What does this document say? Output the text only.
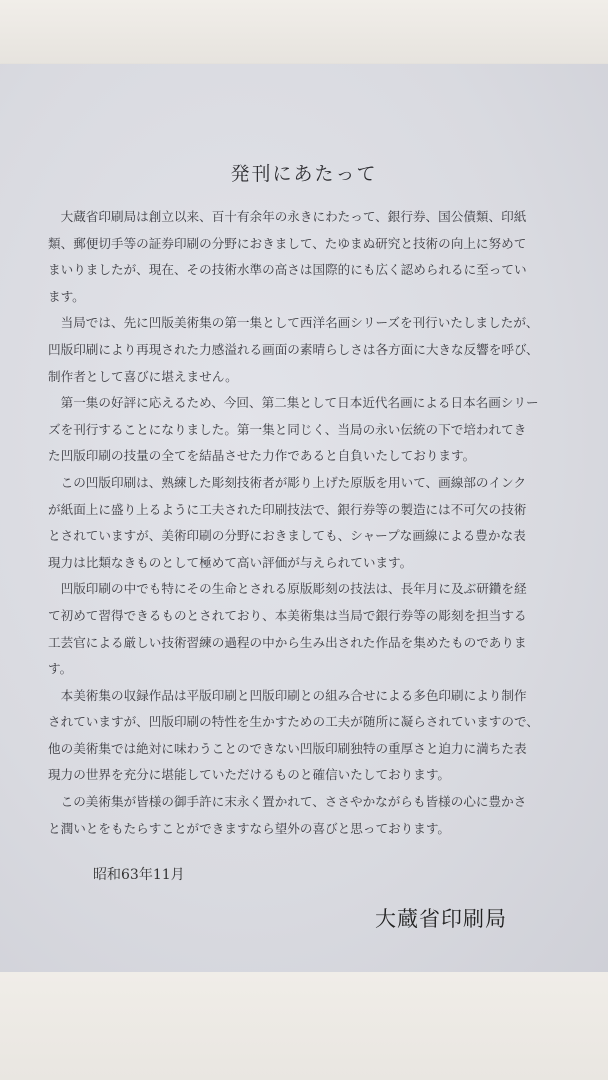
発刊にあたって
　大蔵省印刷局は創立以来、百十有余年の永きにわたって、銀行券、国公債類、印紙
類、郵便切手等の証券印刷の分野におきまして、たゆまぬ研究と技術の向上に努めて
まいりましたが、現在、その技術水準の高さは国際的にも広く認められるに至ってい
ます。
　当局では、先に凹版美術集の第一集として西洋名画シリーズを刊行いたしましたが、
凹版印刷により再現された力感溢れる画面の素晴らしさは各方面に大きな反響を呼び、
制作者として喜びに堪えません。
　第一集の好評に応えるため、今回、第二集として日本近代名画による日本名画シリー
ズを刊行することになりました。第一集と同じく、当局の永い伝統の下で培われてき
た凹版印刷の技量の全てを結晶させた力作であると自負いたしております。
　この凹版印刷は、熟練した彫刻技術者が彫り上げた原版を用いて、画線部のインク
が紙面上に盛り上るように工夫された印刷技法で、銀行券等の製造には不可欠の技術
とされていますが、美術印刷の分野におきましても、シャープな画線による豊かな表
現力は比類なきものとして極めて高い評価が与えられています。
　凹版印刷の中でも特にその生命とされる原版彫刻の技法は、長年月に及ぶ研鑽を経
て初めて習得できるものとされており、本美術集は当局で銀行券等の彫刻を担当する
工芸官による厳しい技術習練の過程の中から生み出された作品を集めたものでありま
す。
　本美術集の収録作品は平版印刷と凹版印刷との組み合せによる多色印刷により制作
されていますが、凹版印刷の特性を生かすための工夫が随所に凝らされていますので、
他の美術集では絶対に味わうことのできない凹版印刷独特の重厚さと迫力に満ちた表
現力の世界を充分に堪能していただけるものと確信いたしております。
　この美術集が皆様の御手許に末永く置かれて、ささやかながらも皆様の心に豊かさ
と潤いとをもたらすことができますなら望外の喜びと思っております。
昭和63年11月
大蔵省印刷局
